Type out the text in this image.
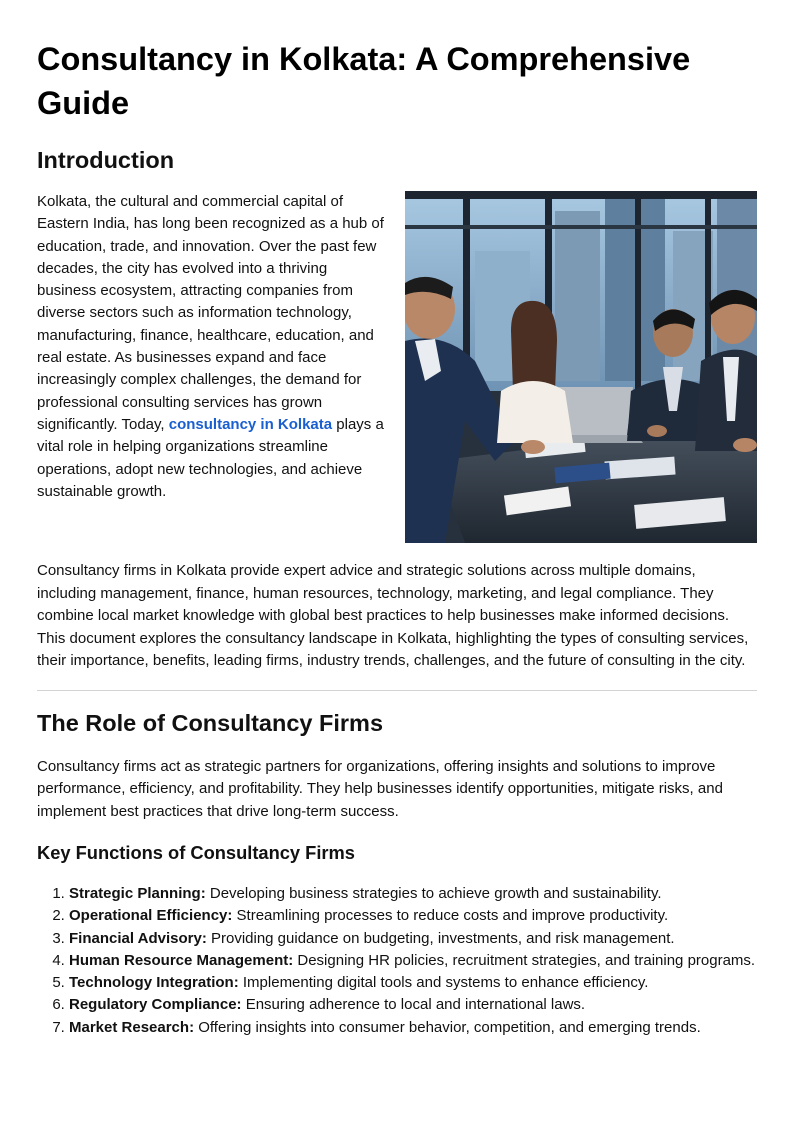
Consultancy in Kolkata: A Comprehensive Guide
Introduction

Kolkata, the cultural and commercial capital of Eastern India, has long been recognized as a hub of education, trade, and innovation. Over the past few decades, the city has evolved into a thriving business ecosystem, attracting companies from diverse sectors such as information technology, manufacturing, finance, healthcare, education, and real estate. As businesses expand and face increasingly complex challenges, the demand for professional consulting services has grown significantly. Today, consultancy in Kolkata plays a vital role in helping organizations streamline operations, adopt new technologies, and achieve sustainable growth.

Consultancy firms in Kolkata provide expert advice and strategic solutions across multiple domains, including management, finance, human resources, technology, marketing, and legal compliance. They combine local market knowledge with global best practices to help businesses make informed decisions. This document explores the consultancy landscape in Kolkata, highlighting the types of consulting services, their importance, benefits, leading firms, industry trends, challenges, and the future of consulting in the city.

The Role of Consultancy Firms

Consultancy firms act as strategic partners for organizations, offering insights and solutions to improve performance, efficiency, and profitability. They help businesses identify opportunities, mitigate risks, and implement best practices that drive long-term success.

Key Functions of Consultancy Firms
1. Strategic Planning: Developing business strategies to achieve growth and sustainability.
2. Operational Efficiency: Streamlining processes to reduce costs and improve productivity.
3. Financial Advisory: Providing guidance on budgeting, investments, and risk management.
4. Human Resource Management: Designing HR policies, recruitment strategies, and training programs.
5. Technology Integration: Implementing digital tools and systems to enhance efficiency.
6. Regulatory Compliance: Ensuring adherence to local and international laws.
7. Market Research: Offering insights into consumer behavior, competition, and emerging trends.
